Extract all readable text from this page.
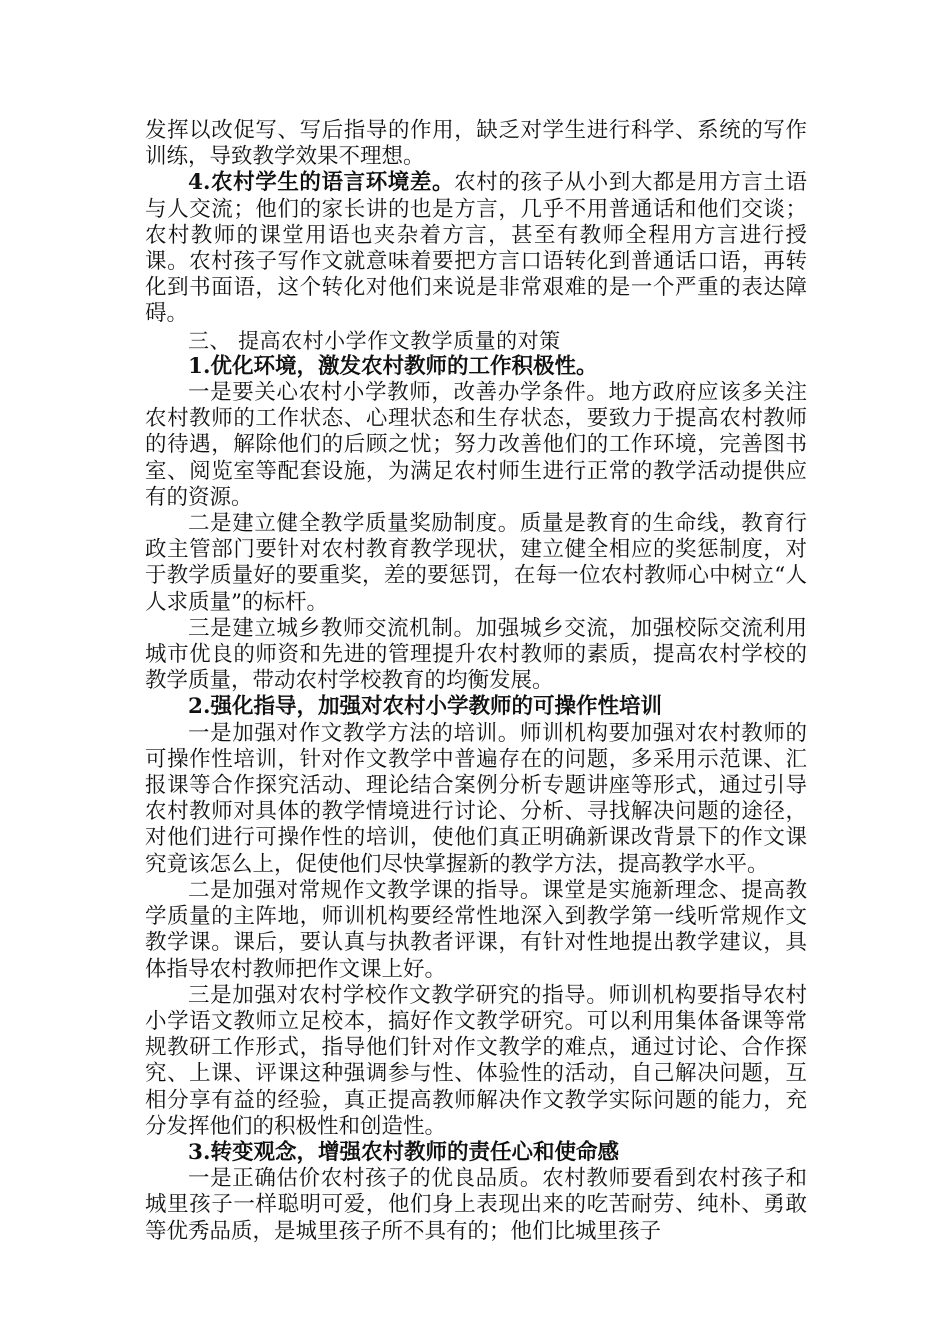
发挥以改促写、写后指导的作用，缺乏对学生进行科学、系统的写作训练，导致教学效果不理想。

4.农村学生的语言环境差。农村的孩子从小到大都是用方言土语与人交流；他们的家长讲的也是方言，几乎不用普通话和他们交谈；农村教师的课堂用语也夹杂着方言，甚至有教师全程用方言进行授课。农村孩子写作文就意味着要把方言口语转化到普通话口语，再转化到书面语，这个转化对他们来说是非常艰难的是一个严重的表达障碍。

三、 提高农村小学作文教学质量的对策

1.优化环境，激发农村教师的工作积极性。

一是要关心农村小学教师，改善办学条件。地方政府应该多关注农村教师的工作状态、心理状态和生存状态，要致力于提高农村教师的待遇，解除他们的后顾之忧；努力改善他们的工作环境，完善图书室、阅览室等配套设施，为满足农村师生进行正常的教学活动提供应有的资源。

二是建立健全教学质量奖励制度。质量是教育的生命线，教育行政主管部门要针对农村教育教学现状，建立健全相应的奖惩制度，对于教学质量好的要重奖，差的要惩罚，在每一位农村教师心中树立“人人求质量”的标杆。

三是建立城乡教师交流机制。加强城乡交流，加强校际交流利用城市优良的师资和先进的管理提升农村教师的素质，提高农村学校的教学质量，带动农村学校教育的均衡发展。

2.强化指导，加强对农村小学教师的可操作性培训

一是加强对作文教学方法的培训。师训机构要加强对农村教师的可操作性培训，针对作文教学中普遍存在的问题，多采用示范课、汇报课等合作探究活动、理论结合案例分析专题讲座等形式，通过引导农村教师对具体的教学情境进行讨论、分析、寻找解决问题的途径，对他们进行可操作性的培训，使他们真正明确新课改背景下的作文课究竟该怎么上，促使他们尽快掌握新的教学方法，提高教学水平。

二是加强对常规作文教学课的指导。课堂是实施新理念、提高教学质量的主阵地，师训机构要经常性地深入到教学第一线听常规作文教学课。课后，要认真与执教者评课，有针对性地提出教学建议，具体指导农村教师把作文课上好。

三是加强对农村学校作文教学研究的指导。师训机构要指导农村小学语文教师立足校本，搞好作文教学研究。可以利用集体备课等常规教研工作形式，指导他们针对作文教学的难点，通过讨论、合作探究、上课、评课这种强调参与性、体验性的活动，自己解决问题，互相分享有益的经验，真正提高教师解决作文教学实际问题的能力，充分发挥他们的积极性和创造性。

3.转变观念，增强农村教师的责任心和使命感

一是正确估价农村孩子的优良品质。农村教师要看到农村孩子和城里孩子一样聪明可爱，他们身上表现出来的吃苦耐劳、纯朴、勇敢等优秀品质，是城里孩子所不具有的；他们比城里孩子
